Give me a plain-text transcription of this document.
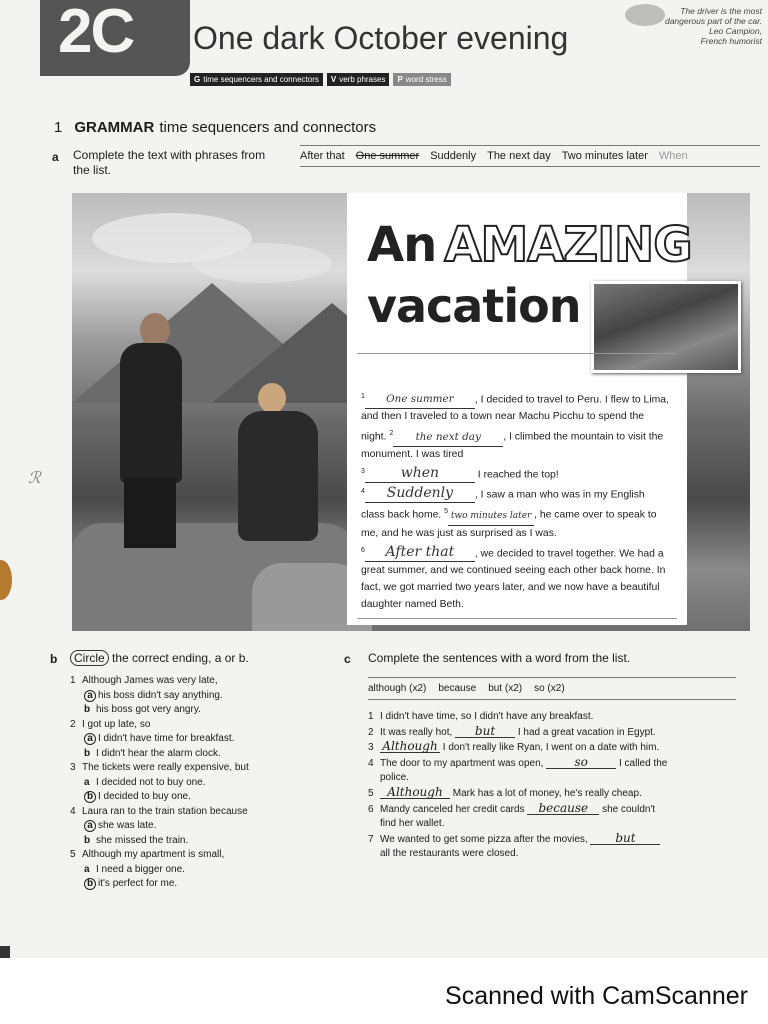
2C One dark October evening
The driver is the most
dangerous part of the car.
Leo Campion,
French humorist
G time sequencers and connectors	V verb phrases	P word stress
1 GRAMMAR time sequencers and connectors
a Complete the text with phrases from the list.
After that One summer Suddenly The next day Two minutes later When
An AMAZING
vacation

$^1$ One summer , I decided to travel to Peru. I flew to Lima, and then I traveled to a town near Machu Picchu to spend the night. $^2$ the next day , I climbed the mountain to visit the monument. I was tired

$^3$	when	I reached the top!

$^4$ Suddenly , I saw a man who was in my English class back home. $^5$ two minutes later , he came over to speak to me, and he was just as surprised as I was.

$^6$ After that , we decided to travel together. We had a great summer, and we continued seeing each other back home. In fact, we got married two years later, and we now have a beautiful daughter named Beth.

ℛ
b	Circle the correct ending, a or b.
1 Although James was very late,
a his boss didn't say anything.
b his boss got very angry.
2 I got up late, so
a I didn't have time for breakfast.
b I didn't hear the alarm clock.
3 The tickets were really expensive, but
a I decided not to buy one.
b I decided to buy one.
4 Laura ran to the train station because
a she was late.
b she missed the train.
5 Although my apartment is small,
a I need a bigger one.
b it's perfect for me.
c Complete the sentences with a word from the list.
although (x2) because but (x2) so (x2)
1 I didn't have time, so I didn't have any breakfast.
2 It was really hot, but I had a great vacation in Egypt.
3 Although I don't really like Ryan, I went on a date with him.
4 The door to my apartment was open,	so	I called the
police.
5 Although Mark has a lot of money, he's really cheap.
6 Mandy canceled her credit cards because she couldn't
find her wallet.
7 We wanted to get some pizza after the movies, but
all the restaurants were closed.
Scanned with CamScanner
